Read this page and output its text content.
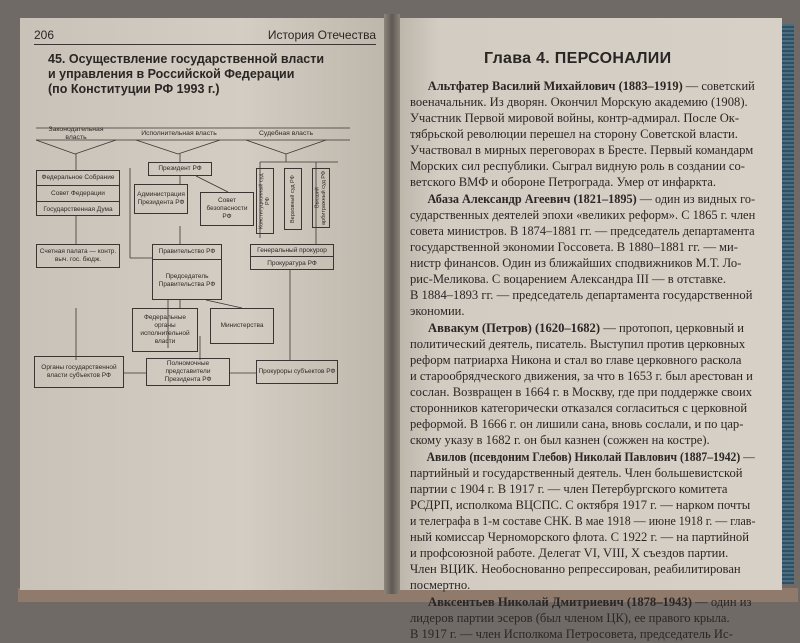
206	История Отечества
45. Осуществление государственной власти
и управления в Российской Федерации
(по Конституции РФ 1993 г.)
Законодательная власть
Исполнительная власть	Судебная власть
Федеральное Собрание
Совет Федерации
Государственная Дума
Счетная палата — контр. выч. гос. бюдж.
Президент РФ
Администрация Президента РФ	Совет безопасности РФ
Правительство РФ
Председатель Правительства РФ
Федеральные органы исполнительной власти
Министерства
Конституционный суд РФ	Верховный суд РФ	Высший арбитражный суд РФ
Генеральный прокурор
Прокуратура РФ
Органы государственной власти субъектов РФ
Полномочные представители Президента РФ
Прокуроры субъектов РФ
Глава 4. ПЕРСОНАЛИИ

Альтфатер Василий Михайлович (1883–1919) — советский
военачальник. Из дворян. Окончил Морскую академию (1908).
Участник Первой мировой войны, контр-адмирал. После Ок-
тябрьской революции перешел на сторону Советской власти.
Участвовал в мирных переговорах в Бресте. Первый командарм
Морских сил республики. Сыграл видную роль в создании со-
ветского ВМФ и обороне Петрограда. Умер от инфаркта.

Абаза Александр Агеевич (1821–1895) — один из видных го-
сударственных деятелей эпохи «великих реформ». С 1865 г. член
совета министров. В 1874–1881 гг. — председатель департамента
государственной экономии Госсовета. В 1880–1881 гг. — ми-
нистр финансов. Один из ближайших сподвижников М.Т. Ло-
рис-Меликова. С воцарением Александра III — в отставке.
В 1884–1893 гг. — председатель департамента государственной
экономии.

Аввакум (Петров) (1620–1682) — протопоп, церковный и
политический деятель, писатель. Выступил против церковных
реформ патриарха Никона и стал во главе церковного раскола
и старообрядческого движения, за что в 1653 г. был арестован и
сослан. Возвращен в 1664 г. в Москву, где при поддержке своих
сторонников категорически отказался согласиться с церковной
реформой. В 1666 г. он лишили сана, вновь сослали, и по цар-
скому указу в 1682 г. он был казнен (сожжен на костре).

Авилов (псевдоним Глебов) Николай Павлович (1887–1942) —
партийный и государственный деятель. Член большевистской
партии с 1904 г. В 1917 г. — член Петербургского комитета
РСДРП, исполкома ВЦСПС. С октября 1917 г. — нарком почты
и телеграфа в 1-м составе СНК. В мае 1918 — июне 1918 г. — глав-
ный комиссар Черноморского флота. С 1922 г. — на партийной
и профсоюзной работе. Делегат VI, VIII, X съездов партии.
Член ВЦИК. Необоснованно репрессирован, реабилитирован
посмертно.

Авксентьев Николай Дмитриевич (1878–1943) — один из
лидеров партии эсеров (был членом ЦК), ее правого крыла.
В 1917 г. — член Исполкома Петросовета, председатель Ис-
